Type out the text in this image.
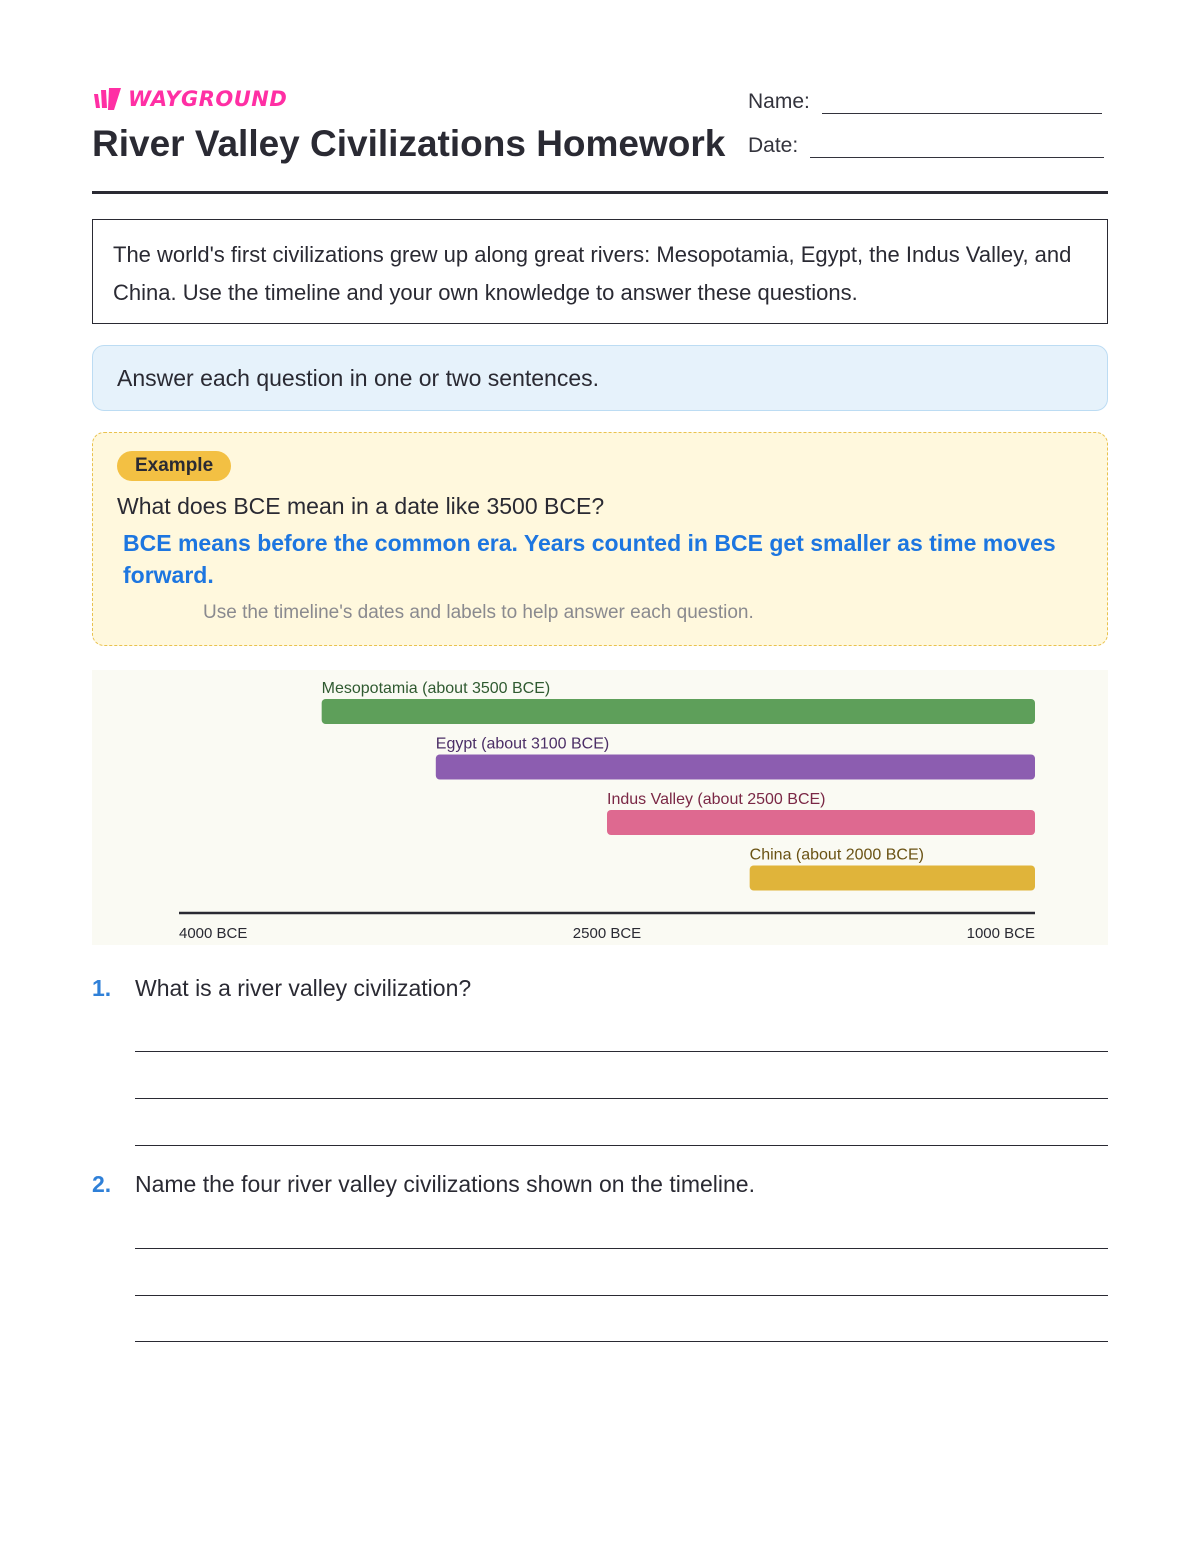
WAYGROUND
River Valley Civilizations Homework
Name:
Date:
The world's first civilizations grew up along great rivers: Mesopotamia, Egypt, the Indus Valley, and China. Use the timeline and your own knowledge to answer these questions.
Answer each question in one or two sentences.
Example
What does BCE mean in a date like 3500 BCE?
BCE means before the common era. Years counted in BCE get smaller as time moves forward.
Use the timeline's dates and labels to help answer each question.
Mesopotamia (about 3500 BCE)
Egypt (about 3100 BCE)
Indus Valley (about 2500 BCE)
China (about 2000 BCE)
4000 BCE	2500 BCE	1000 BCE
1. What is a river valley civilization?
2. Name the four river valley civilizations shown on the timeline.
